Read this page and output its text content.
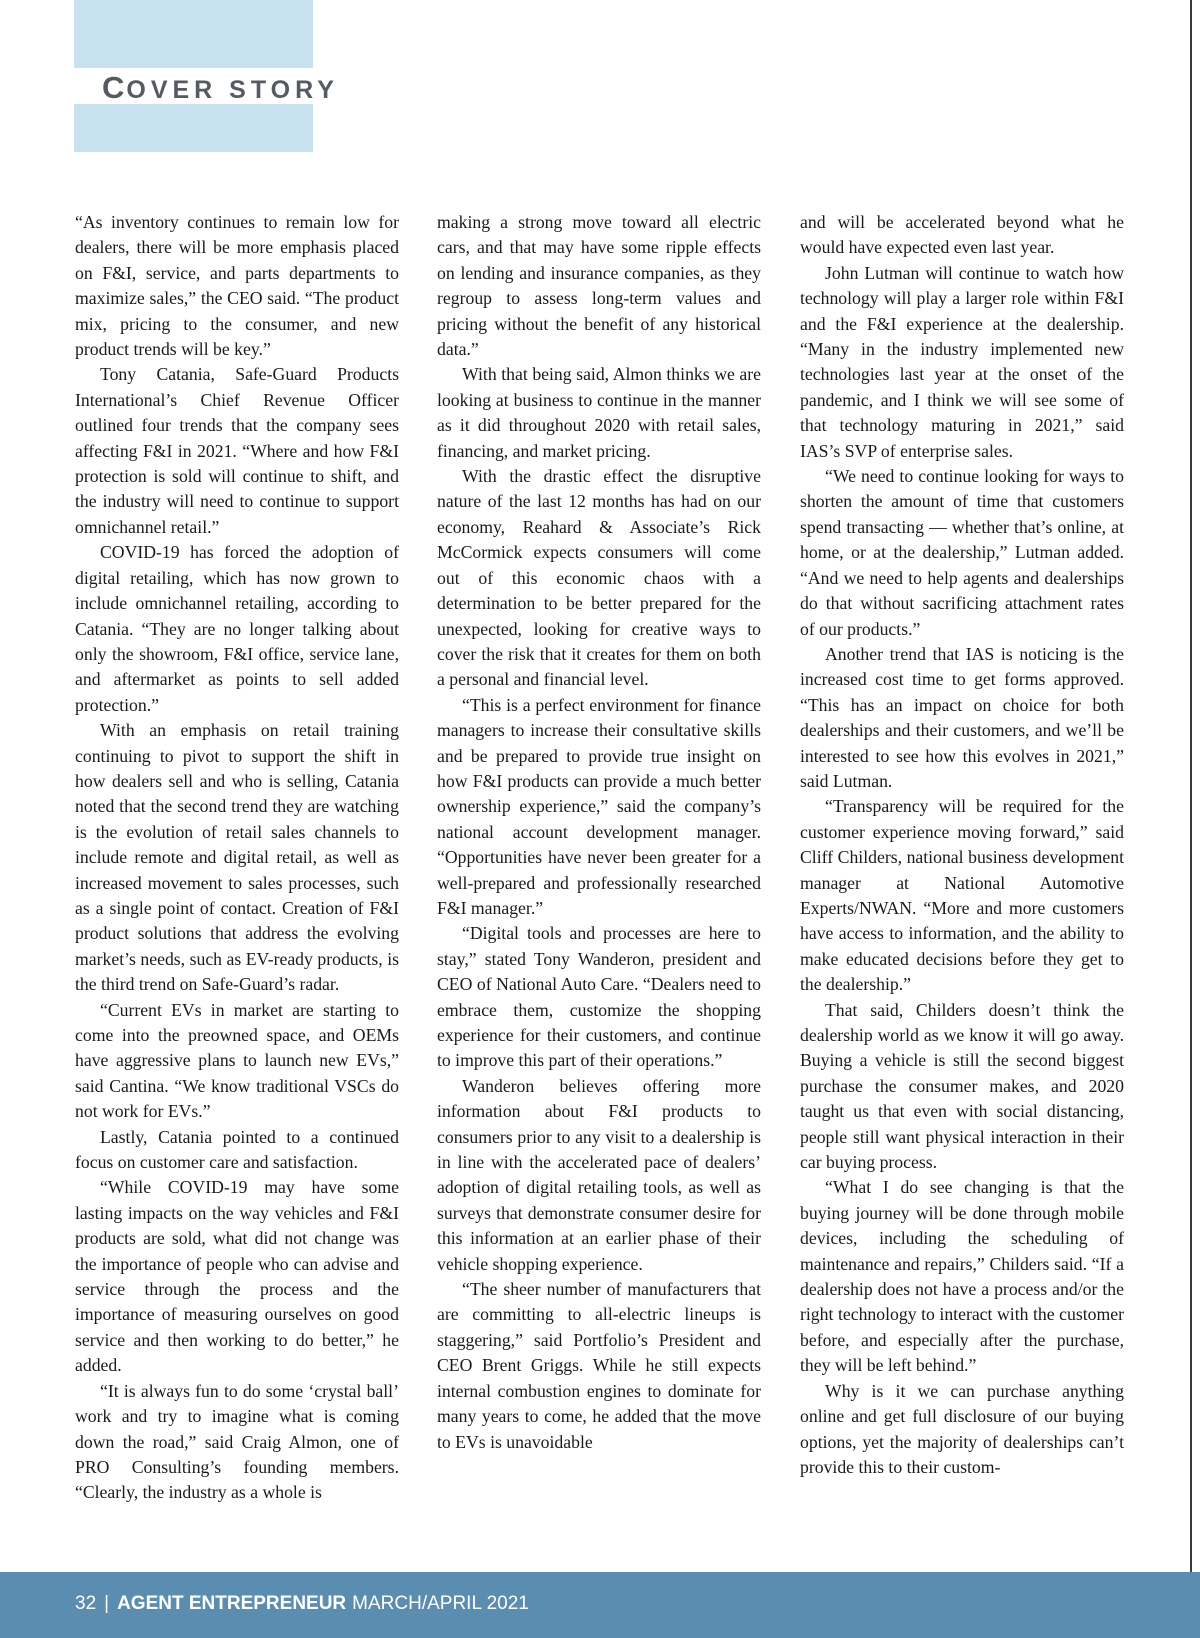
COVER STORY

“As inventory continues to remain low for dealers, there will be more emphasis placed on F&I, service, and parts departments to maximize sales,” the CEO said. “The product mix, pricing to the consumer, and new product trends will be key.”

Tony Catania, Safe-Guard Products International’s Chief Revenue Officer outlined four trends that the company sees affecting F&I in 2021. “Where and how F&I protection is sold will continue to shift, and the industry will need to continue to support omnichannel retail.”

COVID-19 has forced the adoption of digital retailing, which has now grown to include omnichannel retailing, according to Catania. “They are no longer talking about only the showroom, F&I office, service lane, and aftermarket as points to sell added protection.”

With an emphasis on retail training continuing to pivot to support the shift in how dealers sell and who is selling, Catania noted that the second trend they are watching is the evolution of retail sales channels to include remote and digital retail, as well as increased movement to sales processes, such as a single point of contact. Creation of F&I product solutions that address the evolving market’s needs, such as EV-ready products, is the third trend on Safe-Guard’s radar.

“Current EVs in market are starting to come into the preowned space, and OEMs have aggressive plans to launch new EVs,” said Cantina. “We know traditional VSCs do not work for EVs.”

Lastly, Catania pointed to a continued focus on customer care and satisfaction.

“While COVID-19 may have some lasting impacts on the way vehicles and F&I products are sold, what did not change was the importance of people who can advise and service through the process and the importance of measuring ourselves on good service and then working to do better,” he added.

“It is always fun to do some ‘crystal ball’ work and try to imagine what is coming down the road,” said Craig Almon, one of PRO Consulting’s founding members. “Clearly, the industry as a whole is

making a strong move toward all electric cars, and that may have some ripple effects on lending and insurance companies, as they regroup to assess long-term values and pricing without the benefit of any historical data.”

With that being said, Almon thinks we are looking at business to continue in the manner as it did throughout 2020 with retail sales, financing, and market pricing.

With the drastic effect the disruptive nature of the last 12 months has had on our economy, Reahard & Associate’s Rick McCormick expects consumers will come out of this economic chaos with a determination to be better prepared for the unexpected, looking for creative ways to cover the risk that it creates for them on both a personal and financial level.

“This is a perfect environment for finance managers to increase their consultative skills and be prepared to provide true insight on how F&I products can provide a much better ownership experience,” said the company’s national account development manager. “Opportunities have never been greater for a well-prepared and professionally researched F&I manager.”

“Digital tools and processes are here to stay,” stated Tony Wanderon, president and CEO of National Auto Care. “Dealers need to embrace them, customize the shopping experience for their customers, and continue to improve this part of their operations.”

Wanderon believes offering more information about F&I products to consumers prior to any visit to a dealership is in line with the accelerated pace of dealers’ adoption of digital retailing tools, as well as surveys that demonstrate consumer desire for this information at an earlier phase of their vehicle shopping experience.

“The sheer number of manufacturers that are committing to all-electric lineups is staggering,” said Portfolio’s President and CEO Brent Griggs. While he still expects internal combustion engines to dominate for many years to come, he added that the move to EVs is unavoidable

and will be accelerated beyond what he would have expected even last year.

John Lutman will continue to watch how technology will play a larger role within F&I and the F&I experience at the dealership. “Many in the industry implemented new technologies last year at the onset of the pandemic, and I think we will see some of that technology maturing in 2021,” said IAS’s SVP of enterprise sales.

“We need to continue looking for ways to shorten the amount of time that customers spend transacting — whether that’s online, at home, or at the dealership,” Lutman added. “And we need to help agents and dealerships do that without sacrificing attachment rates of our products.”

Another trend that IAS is noticing is the increased cost time to get forms approved. “This has an impact on choice for both dealerships and their customers, and we’ll be interested to see how this evolves in 2021,” said Lutman.

“Transparency will be required for the customer experience moving forward,” said Cliff Childers, national business development manager at National Automotive Experts/NWAN. “More and more customers have access to information, and the ability to make educated decisions before they get to the dealership.”

That said, Childers doesn’t think the dealership world as we know it will go away. Buying a vehicle is still the second biggest purchase the consumer makes, and 2020 taught us that even with social distancing, people still want physical interaction in their car buying process.

“What I do see changing is that the buying journey will be done through mobile devices, including the scheduling of maintenance and repairs,” Childers said. “If a dealership does not have a process and/or the right technology to interact with the customer before, and especially after the purchase, they will be left behind.”

Why is it we can purchase anything online and get full disclosure of our buying options, yet the majority of dealerships can’t provide this to their custom-

32 | AGENT ENTREPRENEUR MARCH/APRIL 2021
